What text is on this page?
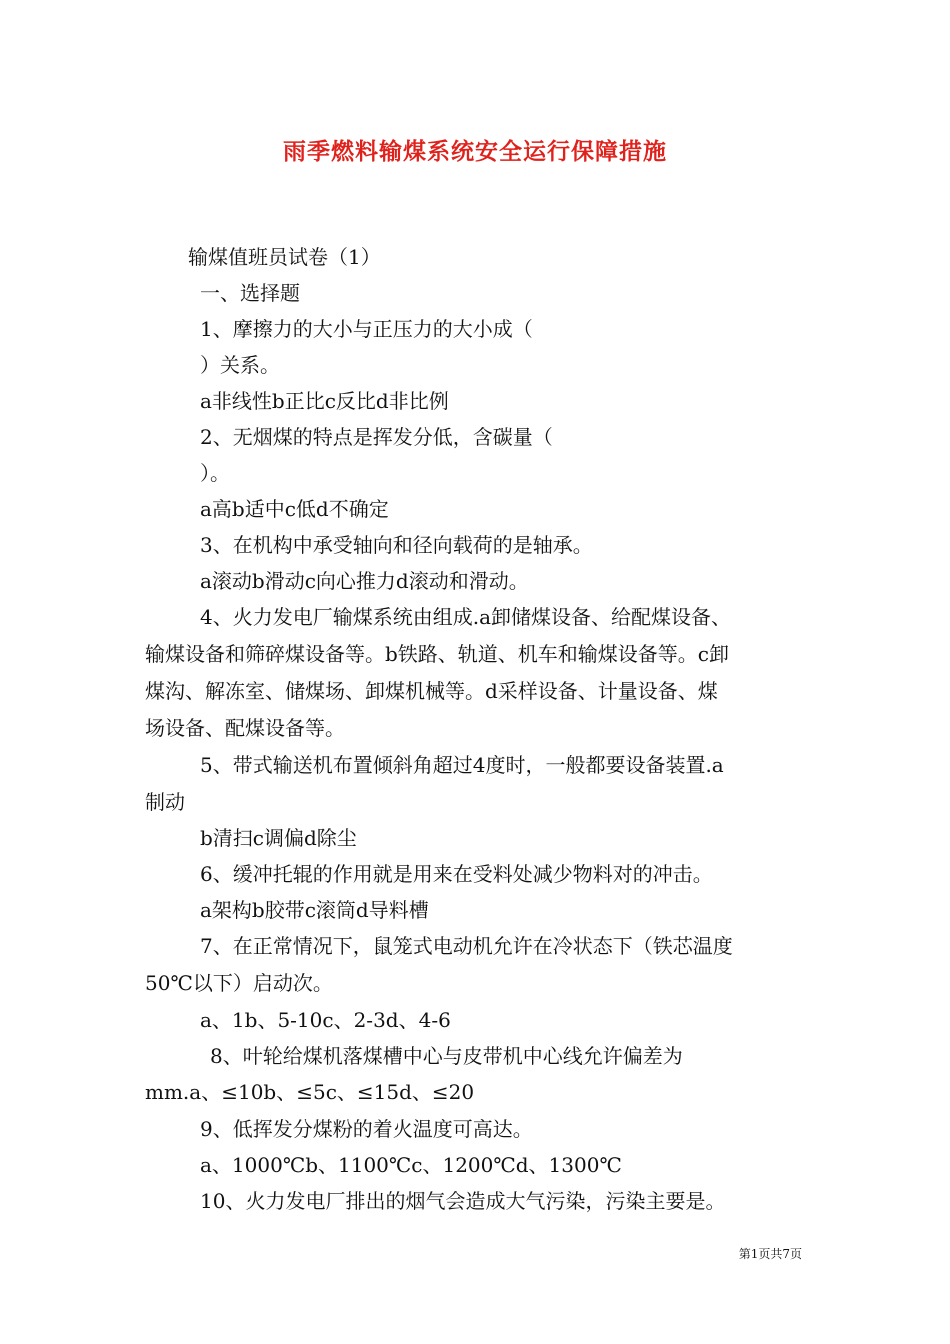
雨季燃料输煤系统安全运行保障措施
输煤值班员试卷（1）
一、选择题
1、摩擦力的大小与正压力的大小成（
）关系。
a非线性b正比c反比d非比例
2、无烟煤的特点是挥发分低，含碳量（
）。
a高b适中c低d不确定
3、在机构中承受轴向和径向载荷的是轴承。
a滚动b滑动c向心推力d滚动和滑动。
4、火力发电厂输煤系统由组成.a卸储煤设备、给配煤设备、
输煤设备和筛碎煤设备等。b铁路、轨道、机车和输煤设备等。c卸
煤沟、解冻室、储煤场、卸煤机械等。d采样设备、计量设备、煤
场设备、配煤设备等。
5、带式输送机布置倾斜角超过4度时，一般都要设备装置.a
制动
b清扫c调偏d除尘
6、缓冲托辊的作用就是用来在受料处减少物料对的冲击。
a架构b胶带c滚筒d导料槽
7、在正常情况下，鼠笼式电动机允许在冷状态下（铁芯温度
50℃以下）启动次。
a、1b、5-10c、2-3d、4-6
8、叶轮给煤机落煤槽中心与皮带机中心线允许偏差为
mm.a、≤10b、≤5c、≤15d、≤20
9、低挥发分煤粉的着火温度可高达。
a、1000℃b、1100℃c、1200℃d、1300℃
10、火力发电厂排出的烟气会造成大气污染，污染主要是。
第1页共7页
